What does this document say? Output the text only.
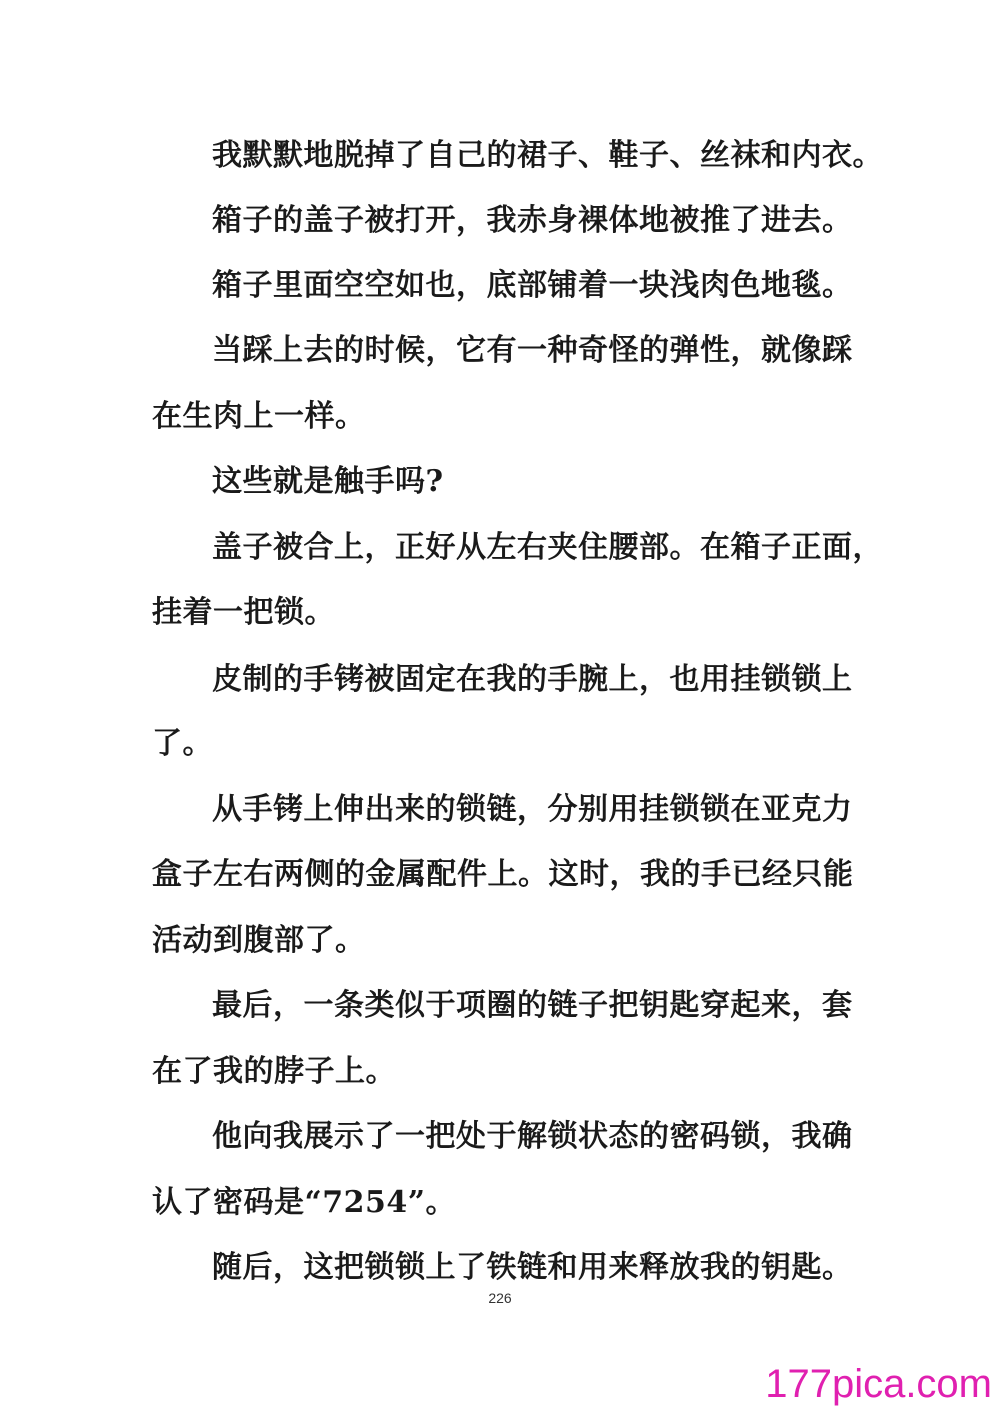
我默默地脱掉了自己的裙子、鞋子、丝袜和内衣。
箱子的盖子被打开，我赤身裸体地被推了进去。
箱子里面空空如也，底部铺着一块浅肉色地毯。
当踩上去的时候，它有一种奇怪的弹性，就像踩
在生肉上一样。
这些就是触手吗?
盖子被合上，正好从左右夹住腰部。在箱子正面，
挂着一把锁。
皮制的手铐被固定在我的手腕上，也用挂锁锁上
了。
从手铐上伸出来的锁链，分别用挂锁锁在亚克力
盒子左右两侧的金属配件上。这时，我的手已经只能
活动到腹部了。
最后，一条类似于项圈的链子把钥匙穿起来，套
在了我的脖子上。
他向我展示了一把处于解锁状态的密码锁，我确
认了密码是“7254”。
随后，这把锁锁上了铁链和用来释放我的钥匙。
226
177pica.com
